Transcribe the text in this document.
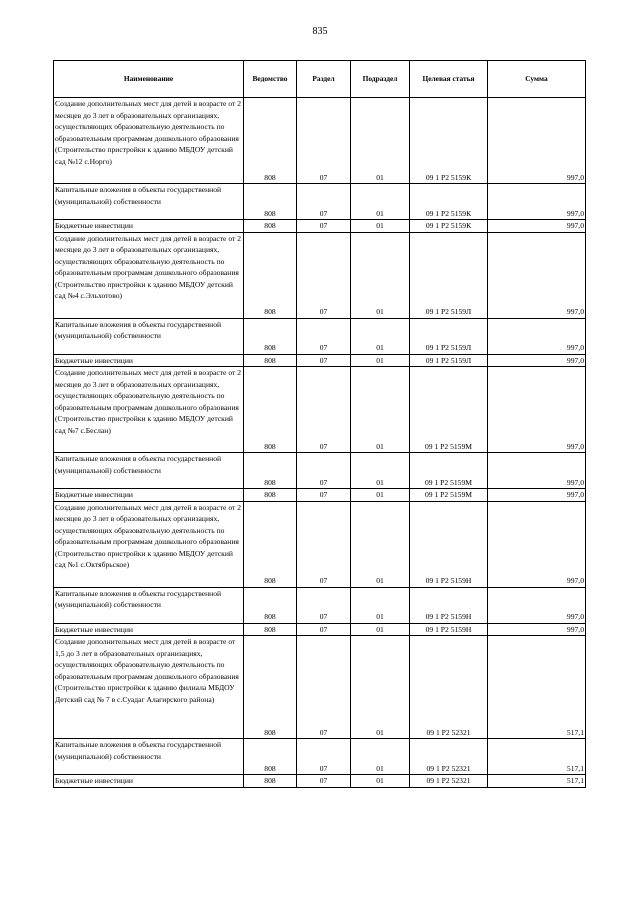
835
Наименование	Ведомство	Раздел	Подраздел	Целевая статья	Сумма
Создание дополнительных мест для детей в возрасте от 2 месяцев до 3 лет в образовательных организациях, осуществляющих образовательную деятельность по образовательным программам дошкольного образования (Строительство пристройки к зданию МБДОУ детский сад №12 с.Норго)	808	07	01	09 1 Р2 5159К	997,0
Капитальные вложения в объекты государственной (муниципальной) собственности	808	07	01	09 1 Р2 5159К	997,0
Бюджетные инвестиции	808	07	01	09 1 Р2 5159К	997,0
Создание дополнительных мест для детей в возрасте от 2 месяцев до 3 лет в образовательных организациях, осуществляющих образовательную деятельность по образовательным программам дошкольного образования (Строительство пристройки к зданию МБДОУ детский сад №4 с.Эльхотово)	808	07	01	09 1 Р2 5159Л	997,0
Капитальные вложения в объекты государственной (муниципальной) собственности	808	07	01	09 1 Р2 5159Л	997,0
Бюджетные инвестиции	808	07	01	09 1 Р2 5159Л	997,0
Создание дополнительных мест для детей в возрасте от 2 месяцев до 3 лет в образовательных организациях, осуществляющих образовательную деятельность по образовательным программам дошкольного образования (Строительство пристройки к зданию МБДОУ детский сад №7 с.Беслан)	808	07	01	09 1 Р2 5159М	997,0
Капитальные вложения в объекты государственной (муниципальной) собственности	808	07	01	09 1 Р2 5159М	997,0
Бюджетные инвестиции	808	07	01	09 1 Р2 5159М	997,0
Создание дополнительных мест для детей в возрасте от 2 месяцев до 3 лет в образовательных организациях, осуществляющих образовательную деятельность по образовательным программам дошкольного образования (Строительство пристройки к зданию МБДОУ детский сад №1 с.Октябрьское)	808	07	01	09 1 Р2 5159Н	997,0
Капитальные вложения в объекты государственной (муниципальной) собственности	808	07	01	09 1 Р2 5159Н	997,0
Бюджетные инвестиции	808	07	01	09 1 Р2 5159Н	997,0
Создание дополнительных мест для детей в возрасте от 1,5 до 3 лет в образовательных организациях, осуществляющих образовательную деятельность по образовательным программам дошкольного образования (Строительство пристройки к зданию филиала МБДОУ Детский сад № 7 в с.Суадаг Алагирского района)	808	07	01	09 1 Р2 52321	517,1
Капитальные вложения в объекты государственной (муниципальной) собственности	808	07	01	09 1 Р2 52321	517,1
Бюджетные инвестиции	808	07	01	09 1 Р2 52321	517,1
